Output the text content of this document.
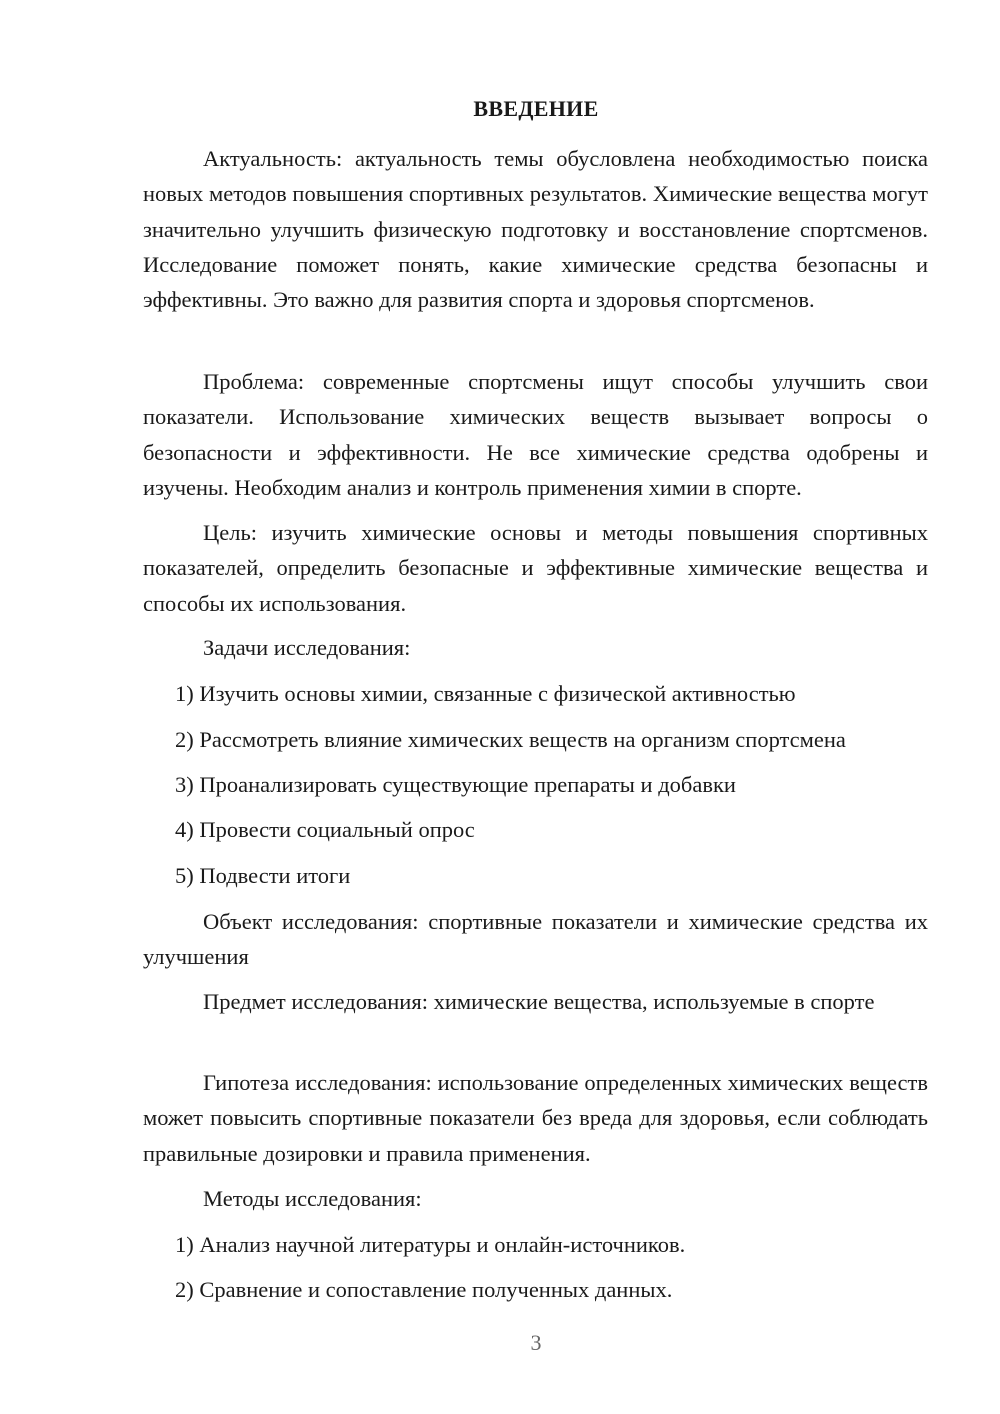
ВВЕДЕНИЕ

Актуальность: актуальность темы обусловлена необходимостью поиска новых методов повышения спортивных результатов. Химические вещества могут значительно улучшить физическую подготовку и восстановление спортсменов. Исследование поможет понять, какие химические средства безопасны и эффективны. Это важно для развития спорта и здоровья спортсменов.

Проблема: современные спортсмены ищут способы улучшить свои показатели. Использование химических веществ вызывает вопросы о безопасности и эффективности. Не все химические средства одобрены и изучены. Необходим анализ и контроль применения химии в спорте.

Цель: изучить химические основы и методы повышения спортивных показателей, определить безопасные и эффективные химические вещества и способы их использования.

Задачи исследования:

1) Изучить основы химии, связанные с физической активностью

2) Рассмотреть влияние химических веществ на организм спортсмена

3) Проанализировать существующие препараты и добавки

4) Провести социальный опрос

5) Подвести итоги

Объект исследования: спортивные показатели и химические средства их улучшения

Предмет исследования: химические вещества, используемые в спорте

Гипотеза исследования: использование определенных химических веществ может повысить спортивные показатели без вреда для здоровья, если соблюдать правильные дозировки и правила применения.

Методы исследования:

1) Анализ научной литературы и онлайн-источников.

2) Сравнение и сопоставление полученных данных.

3
